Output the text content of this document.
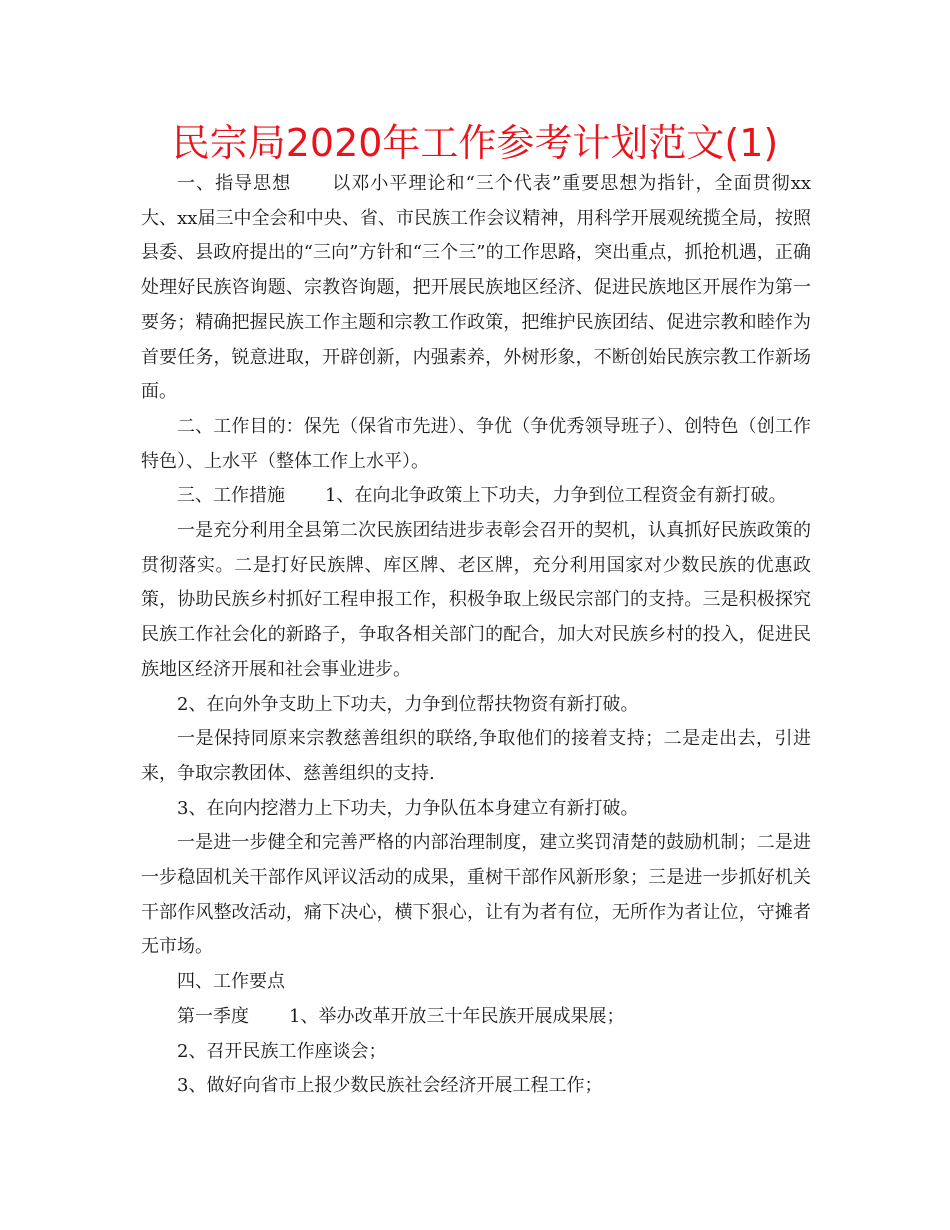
民宗局2020年工作参考计划范文(1)

一、指导思想 以邓小平理论和“三个代表”重要思想为指针，全面贯彻xx大、xx届三中全会和中央、省、市民族工作会议精神，用科学开展观统揽全局，按照县委、县政府提出的“三向”方针和“三个三”的工作思路，突出重点，抓抢机遇，正确处理好民族咨询题、宗教咨询题，把开展民族地区经济、促进民族地区开展作为第一要务；精确把握民族工作主题和宗教工作政策，把维护民族团结、促进宗教和睦作为首要任务，锐意进取，开辟创新，内强素养，外树形象，不断创始民族宗教工作新场面。

二、工作目的：保先（保省市先进）、争优（争优秀领导班子）、创特色（创工作特色）、上水平（整体工作上水平）。

三、工作措施 1、在向北争政策上下功夫，力争到位工程资金有新打破。

一是充分利用全县第二次民族团结进步表彰会召开的契机，认真抓好民族政策的贯彻落实。二是打好民族牌、库区牌、老区牌，充分利用国家对少数民族的优惠政策，协助民族乡村抓好工程申报工作，积极争取上级民宗部门的支持。三是积极探究民族工作社会化的新路子，争取各相关部门的配合，加大对民族乡村的投入，促进民族地区经济开展和社会事业进步。

2、在向外争支助上下功夫，力争到位帮扶物资有新打破。

一是保持同原来宗教慈善组织的联络,争取他们的接着支持；二是走出去，引进来，争取宗教团体、慈善组织的支持.

3、在向内挖潜力上下功夫，力争队伍本身建立有新打破。

一是进一步健全和完善严格的内部治理制度，建立奖罚清楚的鼓励机制；二是进一步稳固机关干部作风评议活动的成果，重树干部作风新形象；三是进一步抓好机关干部作风整改活动，痛下决心，横下狠心，让有为者有位，无所作为者让位，守摊者无市场。

四、工作要点

第一季度 1、举办改革开放三十年民族开展成果展；

2、召开民族工作座谈会；

3、做好向省市上报少数民族社会经济开展工程工作；
